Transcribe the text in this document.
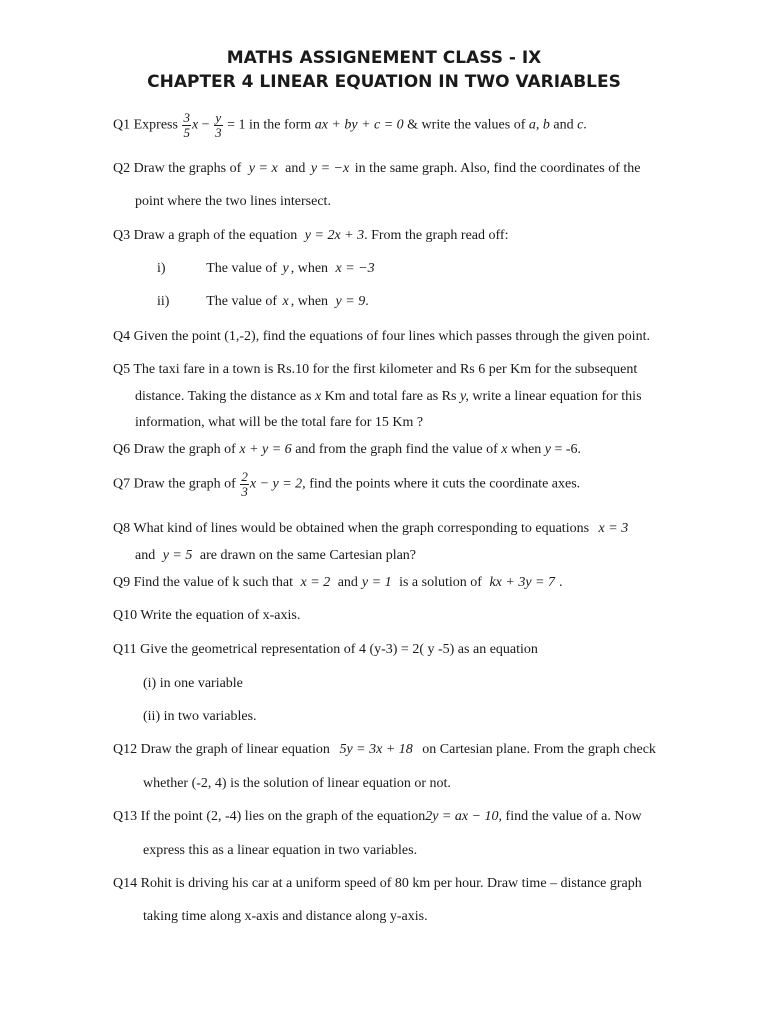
MATHS ASSIGNEMENT CLASS - IX
CHAPTER 4 LINEAR EQUATION IN TWO VARIABLES
Q1 Express $\frac{3}{5}$ $x - \frac{y}{3} = 1$ in the form ax + by + c = 0 & write the values of a, b and c.
Q2 Draw the graphs of y = x and y = −x in the same graph. Also, find the coordinates of the
point where the two lines intersect.
Q3 Draw a graph of the equation y = 2x + 3. From the graph read off:
i)	The value of y , when x = −3
ii)	The value of x , when y = 9.
Q4 Given the point (1,-2), find the equations of four lines which passes through the given point.
Q5 The taxi fare in a town is Rs.10 for the first kilometer and Rs 6 per Km for the subsequent
distance. Taking the distance as x Km and total fare as Rs y, write a linear equation for this
information, what will be the total fare for 15 Km ?
Q6 Draw the graph of x + y = 6 and from the graph find the value of x when y = -6.
Q7 Draw the graph of $\frac{2}{3}$ x − y = 2, find the points where it cuts the coordinate axes.
Q8 What kind of lines would be obtained when the graph corresponding to equations x = 3
and y = 5 are drawn on the same Cartesian plan?
Q9 Find the value of k such that x = 2 and y = 1 is a solution of kx + 3y = 7 .
Q10 Write the equation of x-axis.
Q11 Give the geometrical representation of 4 (y-3) = 2( y -5) as an equation
(i) in one variable
(ii) in two variables.
Q12 Draw the graph of linear equation 5y = 3x + 18 on Cartesian plane. From the graph check
whether (-2, 4) is the solution of linear equation or not.
Q13 If the point (2, -4) lies on the graph of the equation2y = ax − 10, find the value of a. Now
express this as a linear equation in two variables.
Q14 Rohit is driving his car at a uniform speed of 80 km per hour. Draw time – distance graph
taking time along x-axis and distance along y-axis.
